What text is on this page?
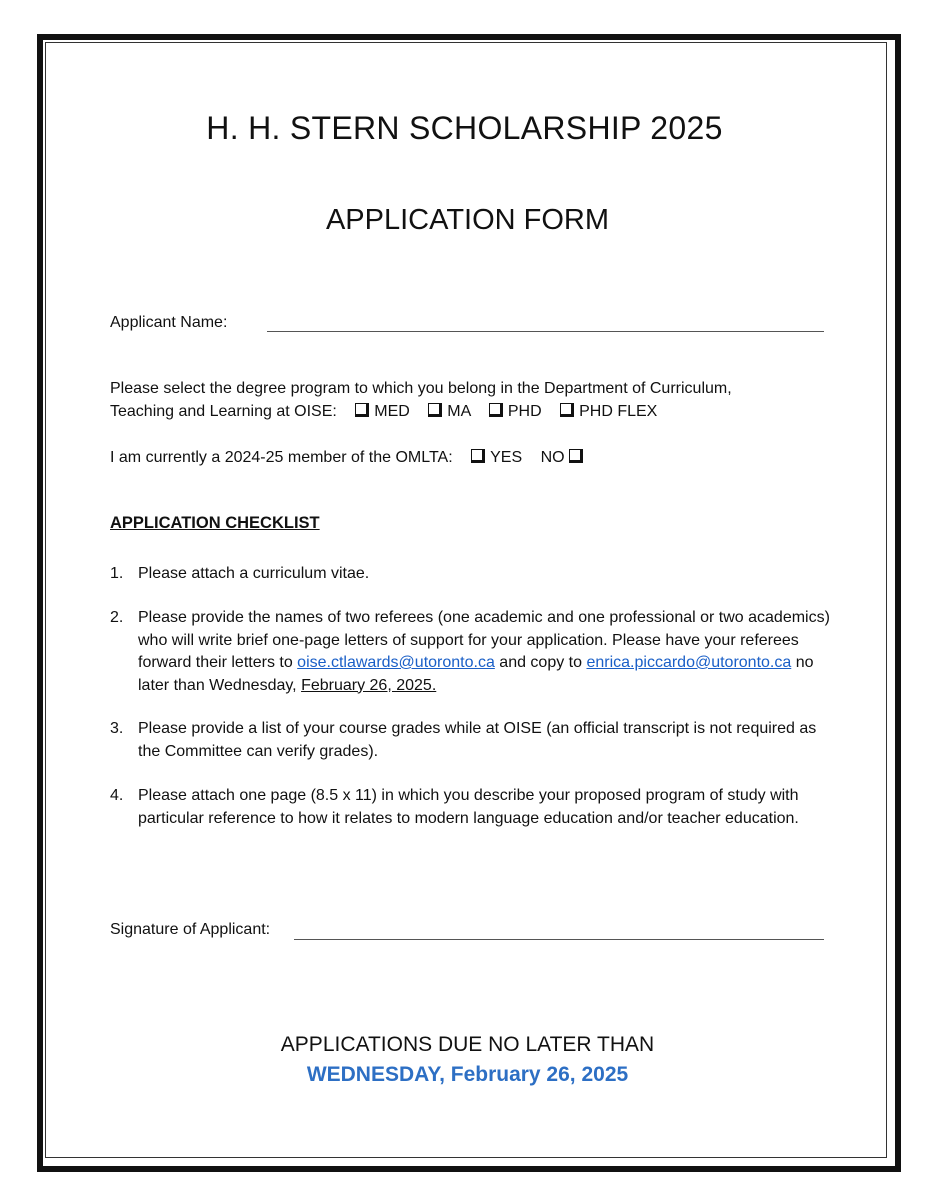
H. H. STERN SCHOLARSHIP 2025
APPLICATION FORM
Applicant Name:
Please select the degree program to which you belong in the Department of Curriculum,
Teaching and Learning at OISE: MED MA PHD PHD FLEX
I am currently a 2024-25 member of the OMLTA: YES NO
APPLICATION CHECKLIST
1. Please attach a curriculum vitae.
2. Please provide the names of two referees (one academic and one professional or two academics) who will write brief one-page letters of support for your application. Please have your referees forward their letters to oise.ctlawards@utoronto.ca and copy to enrica.piccardo@utoronto.ca no later than Wednesday, February 26, 2025.
3. Please provide a list of your course grades while at OISE (an official transcript is not required as the Committee can verify grades).
4. Please attach one page (8.5 x 11) in which you describe your proposed program of study with particular reference to how it relates to modern language education and/or teacher education.
Signature of Applicant:
APPLICATIONS DUE NO LATER THAN
WEDNESDAY, February 26, 2025
